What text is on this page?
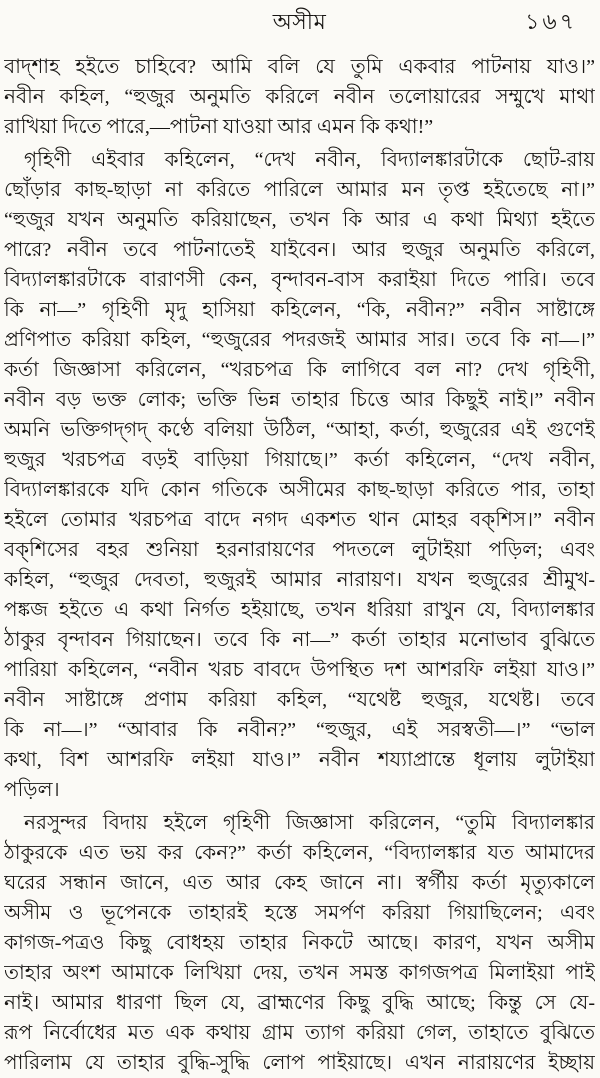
অসীম	১৬৭
বাদ্‌শাহ হইতে চাহিবে? আমি বলি যে তুমি একবার পাটনায় যাও।”
নবীন কহিল, “হুজুর অনুমতি করিলে নবীন তলোয়ারের সম্মুখে মাথা
রাখিয়া দিতে পারে,—পাটনা যাওয়া আর এমন কি কথা!”
গৃহিণী এইবার কহিলেন, “দেখ নবীন, বিদ্যালঙ্কারটাকে ছোট-রায়
ছোঁড়ার কাছ-ছাড়া না করিতে পারিলে আমার মন তৃপ্ত হইতেছে না।”
“হুজুর যখন অনুমতি করিয়াছেন, তখন কি আর এ কথা মিথ্যা হইতে
পারে? নবীন তবে পাটনাতেই যাইবেন। আর হুজুর অনুমতি করিলে,
বিদ্যালঙ্কারটাকে বারাণসী কেন, বৃন্দাবন-বাস করাইয়া দিতে পারি। তবে
কি না—” গৃহিণী মৃদু হাসিয়া কহিলেন, “কি, নবীন?” নবীন সাষ্টাঙ্গে
প্রণিপাত করিয়া কহিল, “হুজুরের পদরজই আমার সার। তবে কি না—।”
কর্তা জিজ্ঞাসা করিলেন, “খরচপত্র কি লাগিবে বল না? দেখ গৃহিণী,
নবীন বড় ভক্ত লোক; ভক্তি ভিন্ন তাহার চিত্তে আর কিছুই নাই।” নবীন
অমনি ভক্তিগদ্‌গদ্‌ কণ্ঠে বলিয়া উঠিল, “আহা, কর্তা, হুজুরের এই গুণেই
হুজুর খরচপত্র বড়ই বাড়িয়া গিয়াছে।” কর্তা কহিলেন, “দেখ নবীন,
বিদ্যালঙ্কারকে যদি কোন গতিকে অসীমের কাছ-ছাড়া করিতে পার, তাহা
হইলে তোমার খরচপত্র বাদে নগদ একশত থান মোহর বক্‌শিস।” নবীন
বক্‌শিসের বহর শুনিয়া হরনারায়ণের পদতলে লুটাইয়া পড়িল; এবং
কহিল, “হুজুর দেবতা, হুজুরই আমার নারায়ণ। যখন হুজুরের শ্রীমুখ-
পঙ্কজ হইতে এ কথা নির্গত হইয়াছে, তখন ধরিয়া রাখুন যে, বিদ্যালঙ্কার
ঠাকুর বৃন্দাবন গিয়াছেন। তবে কি না—” কর্তা তাহার মনোভাব বুঝিতে
পারিয়া কহিলেন, “নবীন খরচ বাবদে উপস্থিত দশ আশরফি লইয়া যাও।”
নবীন সাষ্টাঙ্গে প্রণাম করিয়া কহিল, “যথেষ্ট হুজুর, যথেষ্ট। তবে
কি না—।” “আবার কি নবীন?” “হুজুর, এই সরস্বতী—।” “ভাল
কথা, বিশ আশরফি লইয়া যাও।” নবীন শয্যাপ্রান্তে ধূলায় লুটাইয়া
পড়িল।
নরসুন্দর বিদায় হইলে গৃহিণী জিজ্ঞাসা করিলেন, “তুমি বিদ্যালঙ্কার
ঠাকুরকে এত ভয় কর কেন?” কর্তা কহিলেন, “বিদ্যালঙ্কার যত আমাদের
ঘরের সন্ধান জানে, এত আর কেহ জানে না। স্বর্গীয় কর্তা মৃত্যুকালে
অসীম ও ভূপেনকে তাহারই হস্তে সমর্পণ করিয়া গিয়াছিলেন; এবং
কাগজ-পত্রও কিছু বোধহয় তাহার নিকটে আছে। কারণ, যখন অসীম
তাহার অংশ আমাকে লিখিয়া দেয়, তখন সমস্ত কাগজপত্র মিলাইয়া পাই
নাই। আমার ধারণা ছিল যে, ব্রাহ্মণের কিছু বুদ্ধি আছে; কিন্তু সে যে-
রূপ নির্বোধের মত এক কথায় গ্রাম ত্যাগ করিয়া গেল, তাহাতে বুঝিতে
পারিলাম যে তাহার বুদ্ধি-সুদ্ধি লোপ পাইয়াছে। এখন নারায়ণের ইচ্ছায়
